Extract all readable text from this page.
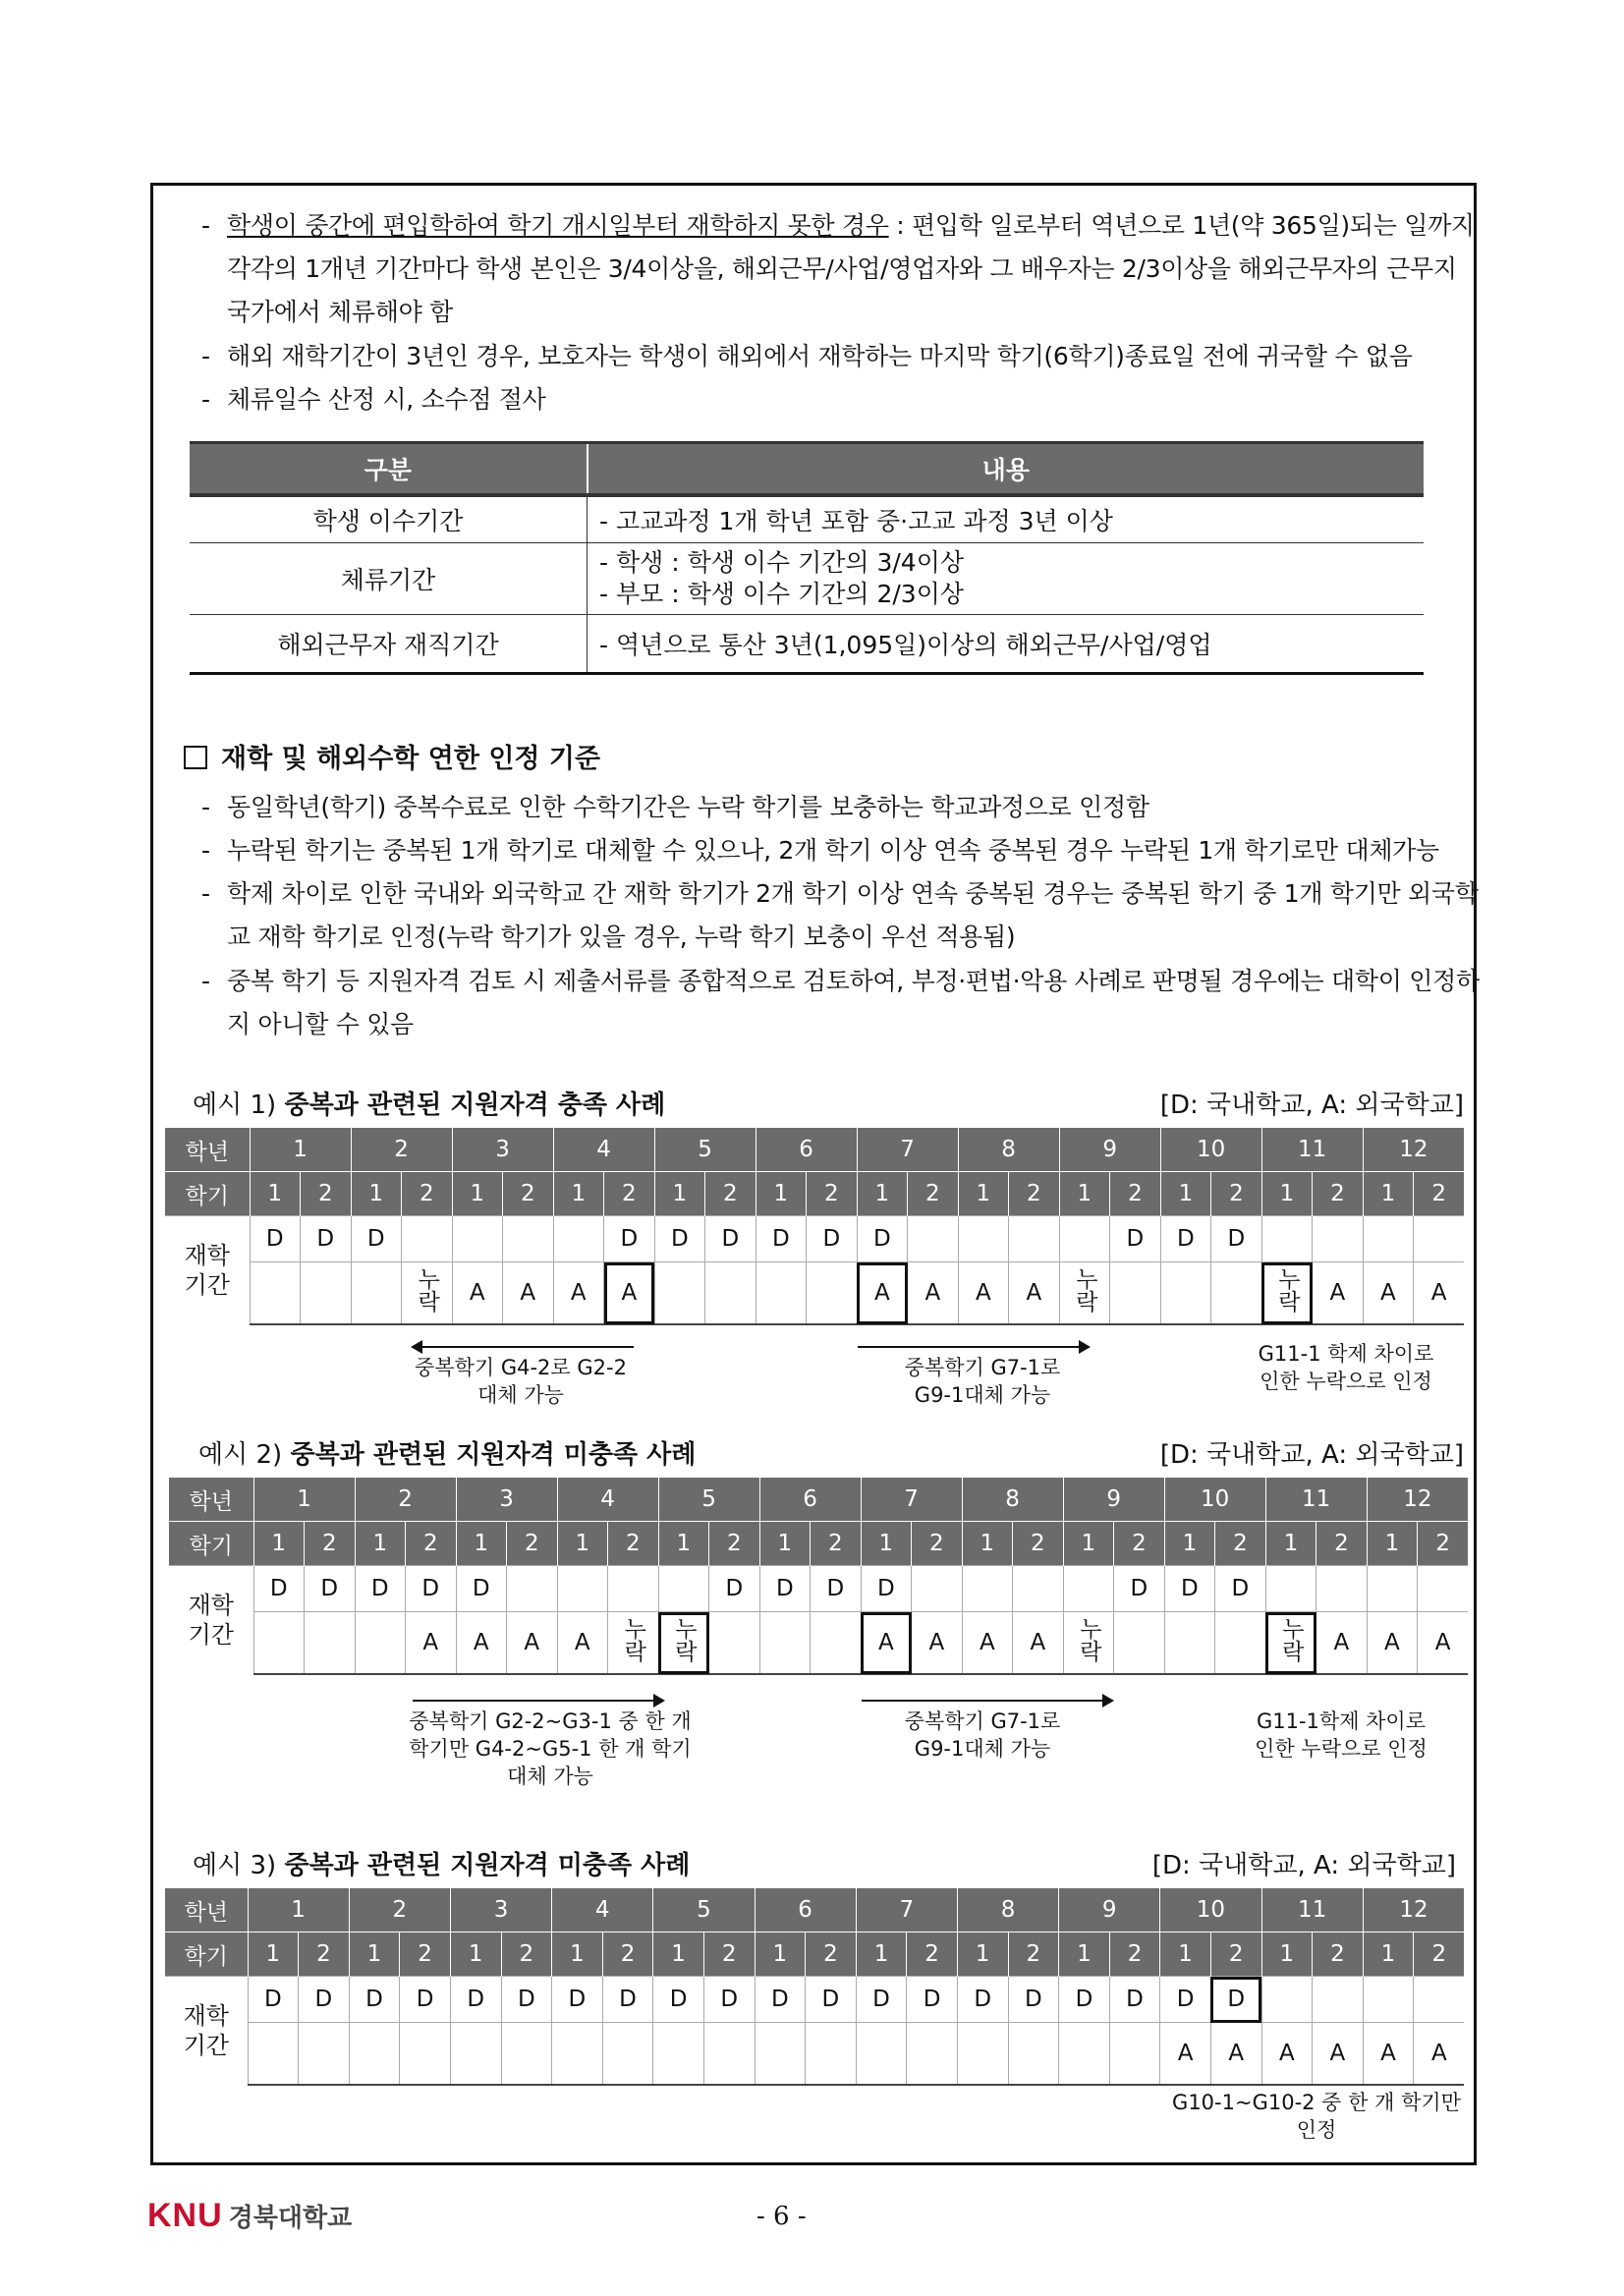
- 학생이 중간에 편입학하여 학기 개시일부터 재학하지 못한 경우 : 편입학 일로부터 역년으로 1년(약 365일)되는 일까지 각각의 1개년 기간마다 학생 본인은 3/4이상을, 해외근무/사업/영업자와 그 배우자는 2/3이상을 해외근무자의 근무지 국가에서 체류해야 함
- 해외 재학기간이 3년인 경우, 보호자는 학생이 해외에서 재학하는 마지막 학기(6학기)종료일 전에 귀국할 수 없음
- 체류일수 산정 시, 소수점 절사
구분	내용
학생 이수기간	- 고교과정 1개 학년 포함 중·고교 과정 3년 이상
체류기간	- 학생 : 학생 이수 기간의 3/4이상
- 부모 : 학생 이수 기간의 2/3이상

해외근무자 재직기간	- 역년으로 통산 3년(1,095일)이상의 해외근무/사업/영업
재학 및 해외수학 연한 인정 기준
- 동일학년(학기) 중복수료로 인한 수학기간은 누락 학기를 보충하는 학교과정으로 인정함
- 누락된 학기는 중복된 1개 학기로 대체할 수 있으나, 2개 학기 이상 연속 중복된 경우 누락된 1개 학기로만 대체가능
- 학제 차이로 인한 국내와 외국학교 간 재학 학기가 2개 학기 이상 연속 중복된 경우는 중복된 학기 중 1개 학기만 외국학교 재학 학기로 인정(누락 학기가 있을 경우, 누락 학기 보충이 우선 적용됨)
- 중복 학기 등 지원자격 검토 시 제출서류를 종합적으로 검토하여, 부정·편법·악용 사례로 판명될 경우에는 대학이 인정하지 아니할 수 있음
예시 1) 중복과 관련된 지원자격 충족 사례	[D: 국내학교, A: 외국학교]
학년	1		2		3		4		5		6		7		8		9		10		11		12	
학기	1	2	1	2	1	2	1	2	1	2	1	2	1	2	1	2	1	2	1	2	1	2	1	2
재학
기간	D	D	D					D	D	D	D	D	D					D	D	D				
				누락	A	A	A	A					A	A	A	A	누락				누락	A	A	A
중복학기 G4-2로 G2-2
대체 가능
중복학기 G7-1로
G9-1대체 가능
G11-1 학제 차이로
인한 누락으로 인정
예시 2) 중복과 관련된 지원자격 미충족 사례	[D: 국내학교, A: 외국학교]
학년	1		2		3		4		5		6		7		8		9		10		11		12	
학기	1	2	1	2	1	2	1	2	1	2	1	2	1	2	1	2	1	2	1	2	1	2	1	2
재학
기간	D	D	D	D	D					D	D	D	D					D	D	D				
				A	A	A	A	누락	누락				A	A	A	A	누락				누락	A	A	A
중복학기 G2-2~G3-1 중 한 개
학기만 G4-2~G5-1 한 개 학기
대체 가능
중복학기 G7-1로
G9-1대체 가능
G11-1학제 차이로
인한 누락으로 인정
예시 3) 중복과 관련된 지원자격 미충족 사례	[D: 국내학교, A: 외국학교]
학년	1		2		3		4		5		6		7		8		9		10		11		12	
학기	1	2	1	2	1	2	1	2	1	2	1	2	1	2	1	2	1	2	1	2	1	2	1	2
재학
기간	D	D	D	D	D	D	D	D	D	D	D	D	D	D	D	D	D	D	D	D				
																			A	A	A	A	A	A
G10-1~G10-2 중 한 개 학기만 인정
KNU 경북대학교	- 6 -
